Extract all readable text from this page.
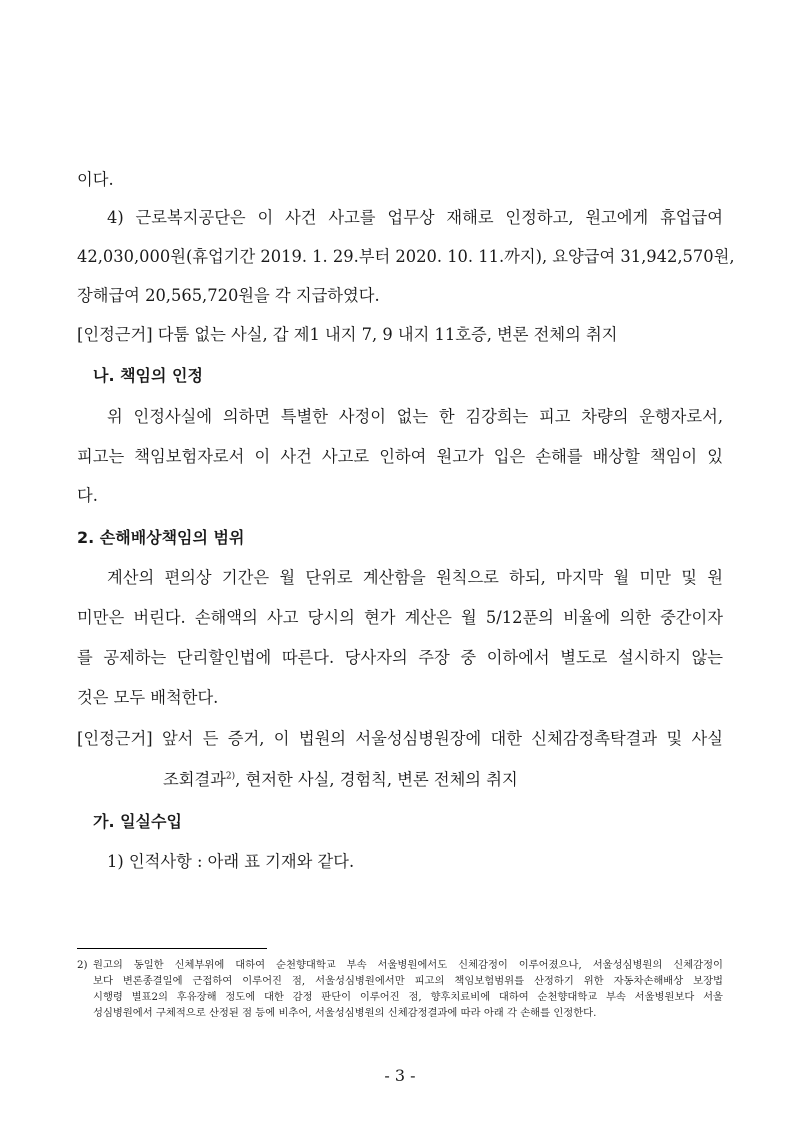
이다.
4) 근로복지공단은 이 사건 사고를 업무상 재해로 인정하고, 원고에게 휴업급여
42,030,000원(휴업기간 2019. 1. 29.부터 2020. 10. 11.까지), 요양급여 31,942,570원,
장해급여 20,565,720원을 각 지급하였다.
[인정근거] 다툼 없는 사실, 갑 제1 내지 7, 9 내지 11호증, 변론 전체의 취지
나. 책임의 인정
위 인정사실에 의하면 특별한 사정이 없는 한 김강희는 피고 차량의 운행자로서,
피고는 책임보험자로서 이 사건 사고로 인하여 원고가 입은 손해를 배상할 책임이 있
다.
2. 손해배상책임의 범위
계산의 편의상 기간은 월 단위로 계산함을 원칙으로 하되, 마지막 월 미만 및 원
미만은 버린다. 손해액의 사고 당시의 현가 계산은 월 5/12푼의 비율에 의한 중간이자
를 공제하는 단리할인법에 따른다. 당사자의 주장 중 이하에서 별도로 설시하지 않는
것은 모두 배척한다.
[인정근거] 앞서 든 증거, 이 법원의 서울성심병원장에 대한 신체감정촉탁결과 및 사실
조회결과$^{2)}$, 현저한 사실, 경험칙, 변론 전체의 취지
가. 일실수입
1) 인적사항 : 아래 표 기재와 같다.
2) 원고의 동일한 신체부위에 대하여 순천향대학교 부속 서울병원에서도 신체감정이 이루어졌으나, 서울성심병원의 신체감정이
보다 변론종결일에 근접하여 이루어진 점, 서울성심병원에서만 피고의 책임보험범위를 산정하기 위한 자동차손해배상 보장법
시행령 별표2의 후유장해 정도에 대한 감정 판단이 이루어진 점, 향후치료비에 대하여 순천향대학교 부속 서울병원보다 서울
성심병원에서 구체적으로 산정된 점 등에 비추어, 서울성심병원의 신체감정결과에 따라 아래 각 손해를 인정한다.
- 3 -
